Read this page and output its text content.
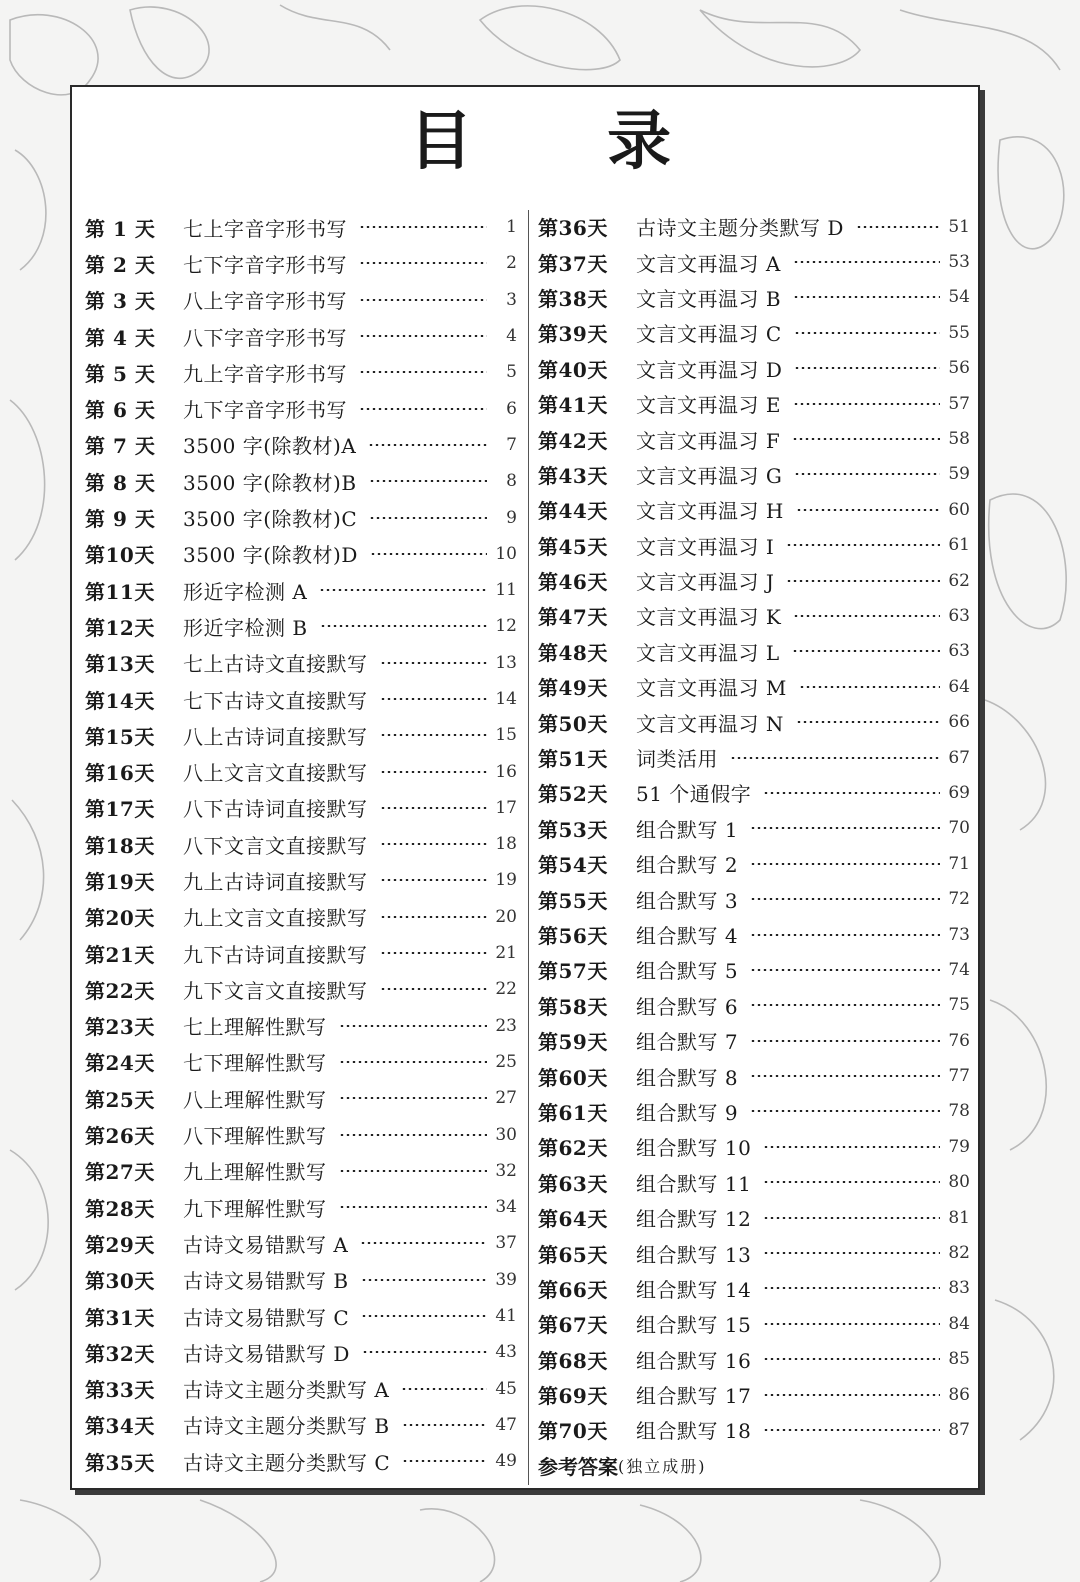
目 录
第 1 天	七上字音字形书写	1
第 2 天	七下字音字形书写	2
第 3 天	八上字音字形书写	3
第 4 天	八下字音字形书写	4
第 5 天	九上字音字形书写	5
第 6 天	九下字音字形书写	6
第 7 天	3500 字(除教材)A	7
第 8 天	3500 字(除教材)B	8
第 9 天	3500 字(除教材)C	9
第10天	3500 字(除教材)D	10
第11天	形近字检测 A	11
第12天	形近字检测 B	12
第13天	七上古诗文直接默写	13
第14天	七下古诗文直接默写	14
第15天	八上古诗词直接默写	15
第16天	八上文言文直接默写	16
第17天	八下古诗词直接默写	17
第18天	八下文言文直接默写	18
第19天	九上古诗词直接默写	19
第20天	九上文言文直接默写	20
第21天	九下古诗词直接默写	21
第22天	九下文言文直接默写	22
第23天	七上理解性默写	23
第24天	七下理解性默写	25
第25天	八上理解性默写	27
第26天	八下理解性默写	30
第27天	九上理解性默写	32
第28天	九下理解性默写	34
第29天	古诗文易错默写 A	37
第30天	古诗文易错默写 B	39
第31天	古诗文易错默写 C	41
第32天	古诗文易错默写 D	43
第33天	古诗文主题分类默写 A	45
第34天	古诗文主题分类默写 B	47
第35天	古诗文主题分类默写 C	49
第36天	古诗文主题分类默写 D	51
第37天	文言文再温习 A	53
第38天	文言文再温习 B	54
第39天	文言文再温习 C	55
第40天	文言文再温习 D	56
第41天	文言文再温习 E	57
第42天	文言文再温习 F	58
第43天	文言文再温习 G	59
第44天	文言文再温习 H	60
第45天	文言文再温习 I	61
第46天	文言文再温习 J	62
第47天	文言文再温习 K	63
第48天	文言文再温习 L	63
第49天	文言文再温习 M	64
第50天	文言文再温习 N	66
第51天	词类活用	67
第52天	51 个通假字	69
第53天	组合默写 1	70
第54天	组合默写 2	71
第55天	组合默写 3	72
第56天	组合默写 4	73
第57天	组合默写 5	74
第58天	组合默写 6	75
第59天	组合默写 7	76
第60天	组合默写 8	77
第61天	组合默写 9	78
第62天	组合默写 10	79
第63天	组合默写 11	80
第64天	组合默写 12	81
第65天	组合默写 13	82
第66天	组合默写 14	83
第67天	组合默写 15	84
第68天	组合默写 16	85
第69天	组合默写 17	86
第70天	组合默写 18	87
参考答案 (独立成册)
